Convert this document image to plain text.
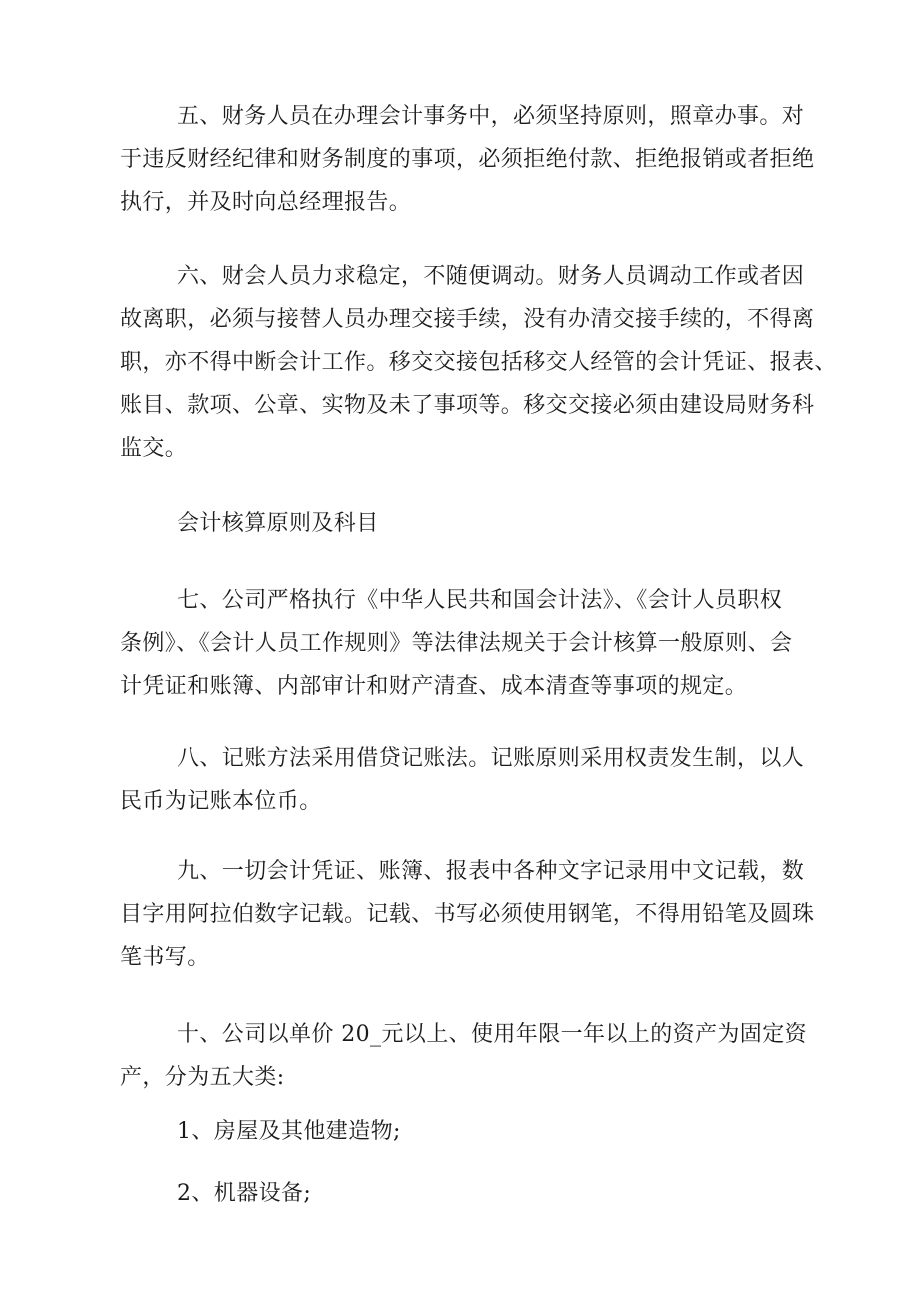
五、财务人员在办理会计事务中，必须坚持原则，照章办事。对

于违反财经纪律和财务制度的事项，必须拒绝付款、拒绝报销或者拒绝

执行，并及时向总经理报告。

六、财会人员力求稳定，不随便调动。财务人员调动工作或者因

故离职，必须与接替人员办理交接手续，没有办清交接手续的，不得离

职，亦不得中断会计工作。移交交接包括移交人经管的会计凭证、报表、

账目、款项、公章、实物及未了事项等。移交交接必须由建设局财务科

监交。

会计核算原则及科目

七、公司严格执行《中华人民共和国会计法》、《会计人员职权

条例》、《会计人员工作规则》等法律法规关于会计核算一般原则、会

计凭证和账簿、内部审计和财产清查、成本清查等事项的规定。

八、记账方法采用借贷记账法。记账原则采用权责发生制，以人

民币为记账本位币。

九、一切会计凭证、账簿、报表中各种文字记录用中文记载，数

目字用阿拉伯数字记载。记载、书写必须使用钢笔，不得用铅笔及圆珠

笔书写。

十、公司以单价 20_元以上、使用年限一年以上的资产为固定资

产，分为五大类:

1、房屋及其他建造物;

2、机器设备;
